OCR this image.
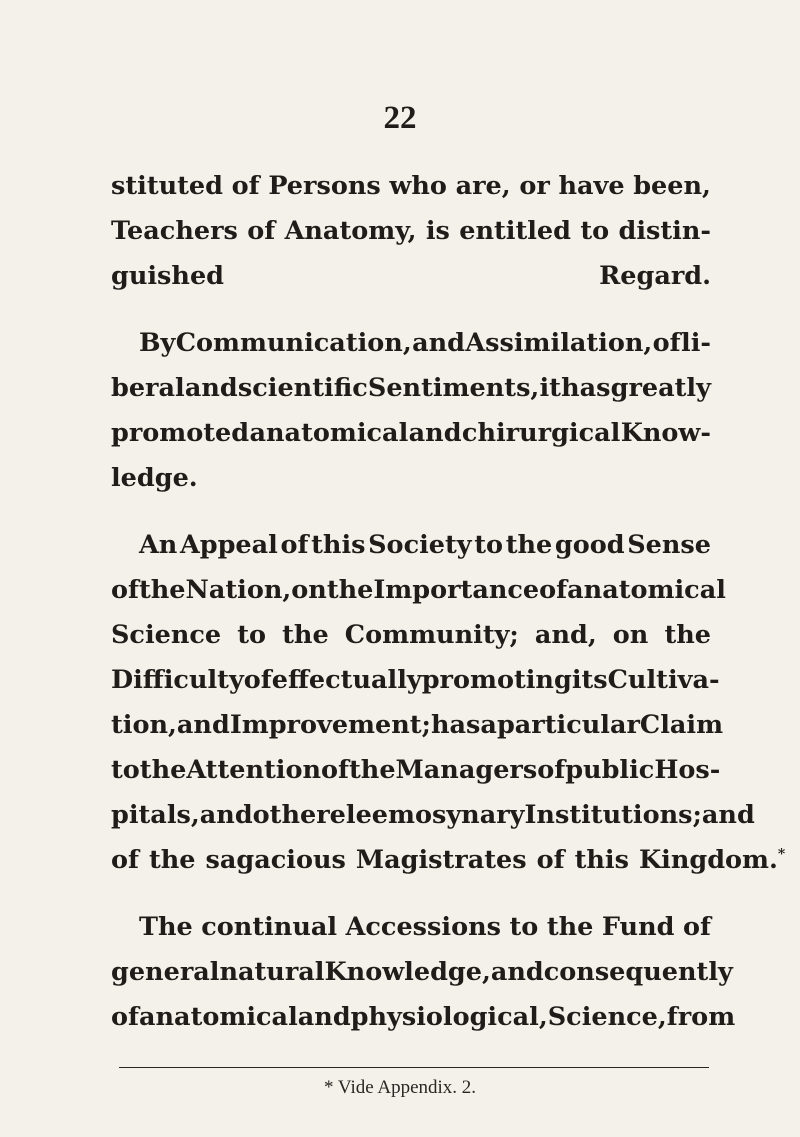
22
stituted of Persons who are, or have been,
Teachers of Anatomy, is entitled to distin-
guished	Regard.
By Communication, and Assimilation, of li-
beral and scientific Sentiments, it has greatly
promoted anatomical and chirurgical Know-
ledge.
An Appeal of this Society to the good Sense
of the Nation, on the Importance of anatomical
Science to the Community; and, on the
Difficulty of effectually promoting its Cultiva-
tion, and Improvement; has a particular Claim
to the Attention of the Managers of public Hos-
pitals, and other eleemosynary Institutions; and
of the sagacious Magistrates of this Kingdom.*
The continual Accessions to the Fund of
general natural Knowledge, and consequently
of anatomical and physiological, Science, from
* Vide Appendix. 2.
